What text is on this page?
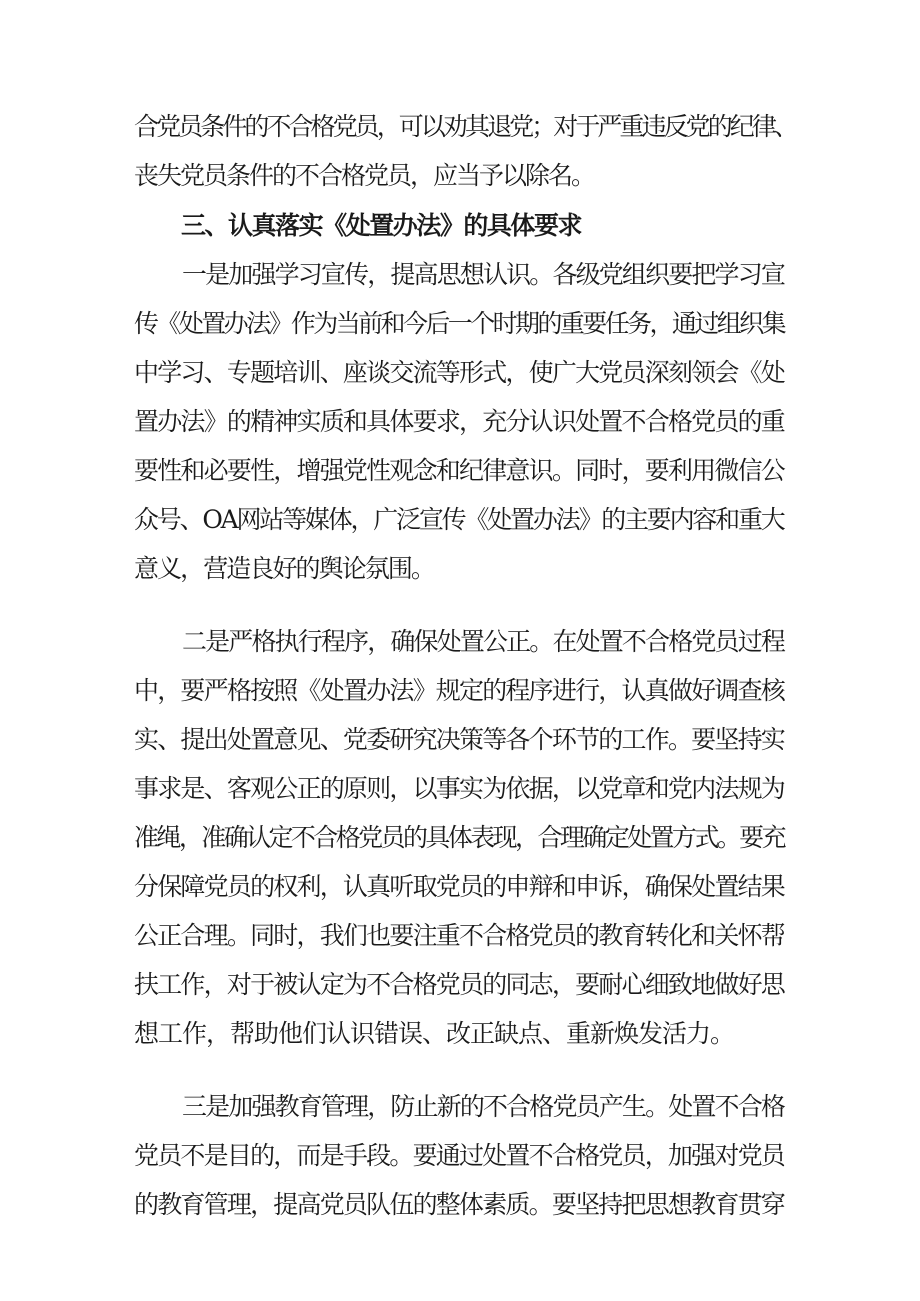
合党员条件的不合格党员，可以劝其退党；对于严重违反党的纪律、
丧失党员条件的不合格党员，应当予以除名。
三、认真落实《处置办法》的具体要求
一是加强学习宣传，提高思想认识。各级党组织要把学习宣
传《处置办法》作为当前和今后一个时期的重要任务，通过组织集
中学习、专题培训、座谈交流等形式，使广大党员深刻领会《处
置办法》的精神实质和具体要求，充分认识处置不合格党员的重
要性和必要性，增强党性观念和纪律意识。同时，要利用微信公
众号、OA网站等媒体，广泛宣传《处置办法》的主要内容和重大
意义，营造良好的舆论氛围。
二是严格执行程序，确保处置公正。在处置不合格党员过程
中，要严格按照《处置办法》规定的程序进行，认真做好调查核
实、提出处置意见、党委研究决策等各个环节的工作。要坚持实
事求是、客观公正的原则，以事实为依据，以党章和党内法规为
准绳，准确认定不合格党员的具体表现，合理确定处置方式。要充
分保障党员的权利，认真听取党员的申辩和申诉，确保处置结果
公正合理。同时，我们也要注重不合格党员的教育转化和关怀帮
扶工作，对于被认定为不合格党员的同志，要耐心细致地做好思
想工作，帮助他们认识错误、改正缺点、重新焕发活力。
三是加强教育管理，防止新的不合格党员产生。处置不合格
党员不是目的，而是手段。要通过处置不合格党员，加强对党员
的教育管理，提高党员队伍的整体素质。要坚持把思想教育贯穿
